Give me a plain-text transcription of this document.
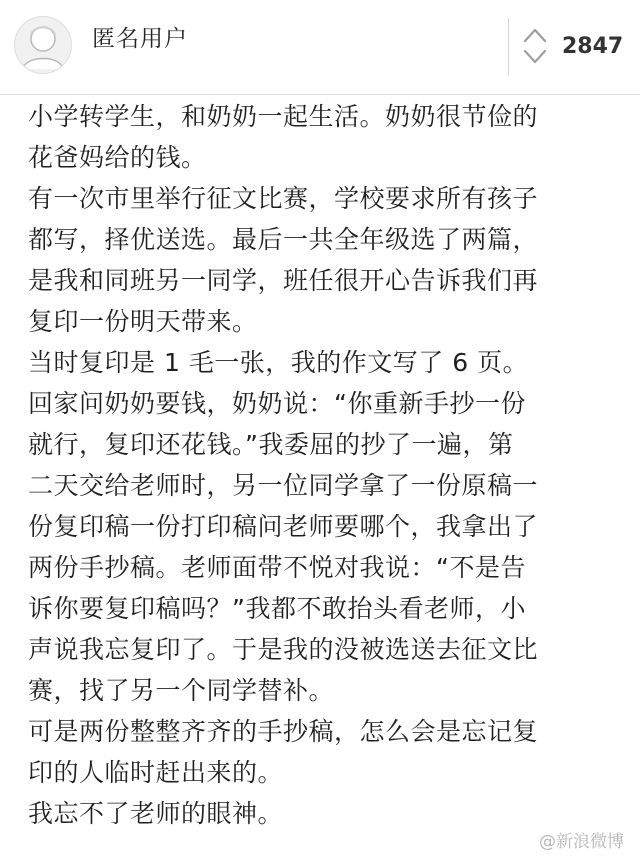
匿名用户	2847
小学转学生，和奶奶一起生活。奶奶很节俭的
花爸妈给的钱。
有一次市里举行征文比赛，学校要求所有孩子
都写，择优送选。最后一共全年级选了两篇，
是我和同班另一同学，班任很开心告诉我们再
复印一份明天带来。
当时复印是 1 毛一张，我的作文写了 6 页。
回家问奶奶要钱，奶奶说：“你重新手抄一份
就行，复印还花钱。”我委屈的抄了一遍，第
二天交给老师时，另一位同学拿了一份原稿一
份复印稿一份打印稿问老师要哪个，我拿出了
两份手抄稿。老师面带不悦对我说：“不是告
诉你要复印稿吗？”我都不敢抬头看老师，小
声说我忘复印了。于是我的没被选送去征文比
赛，找了另一个同学替补。
可是两份整整齐齐的手抄稿，怎么会是忘记复
印的人临时赶出来的。
我忘不了老师的眼神。
@新浪微博
